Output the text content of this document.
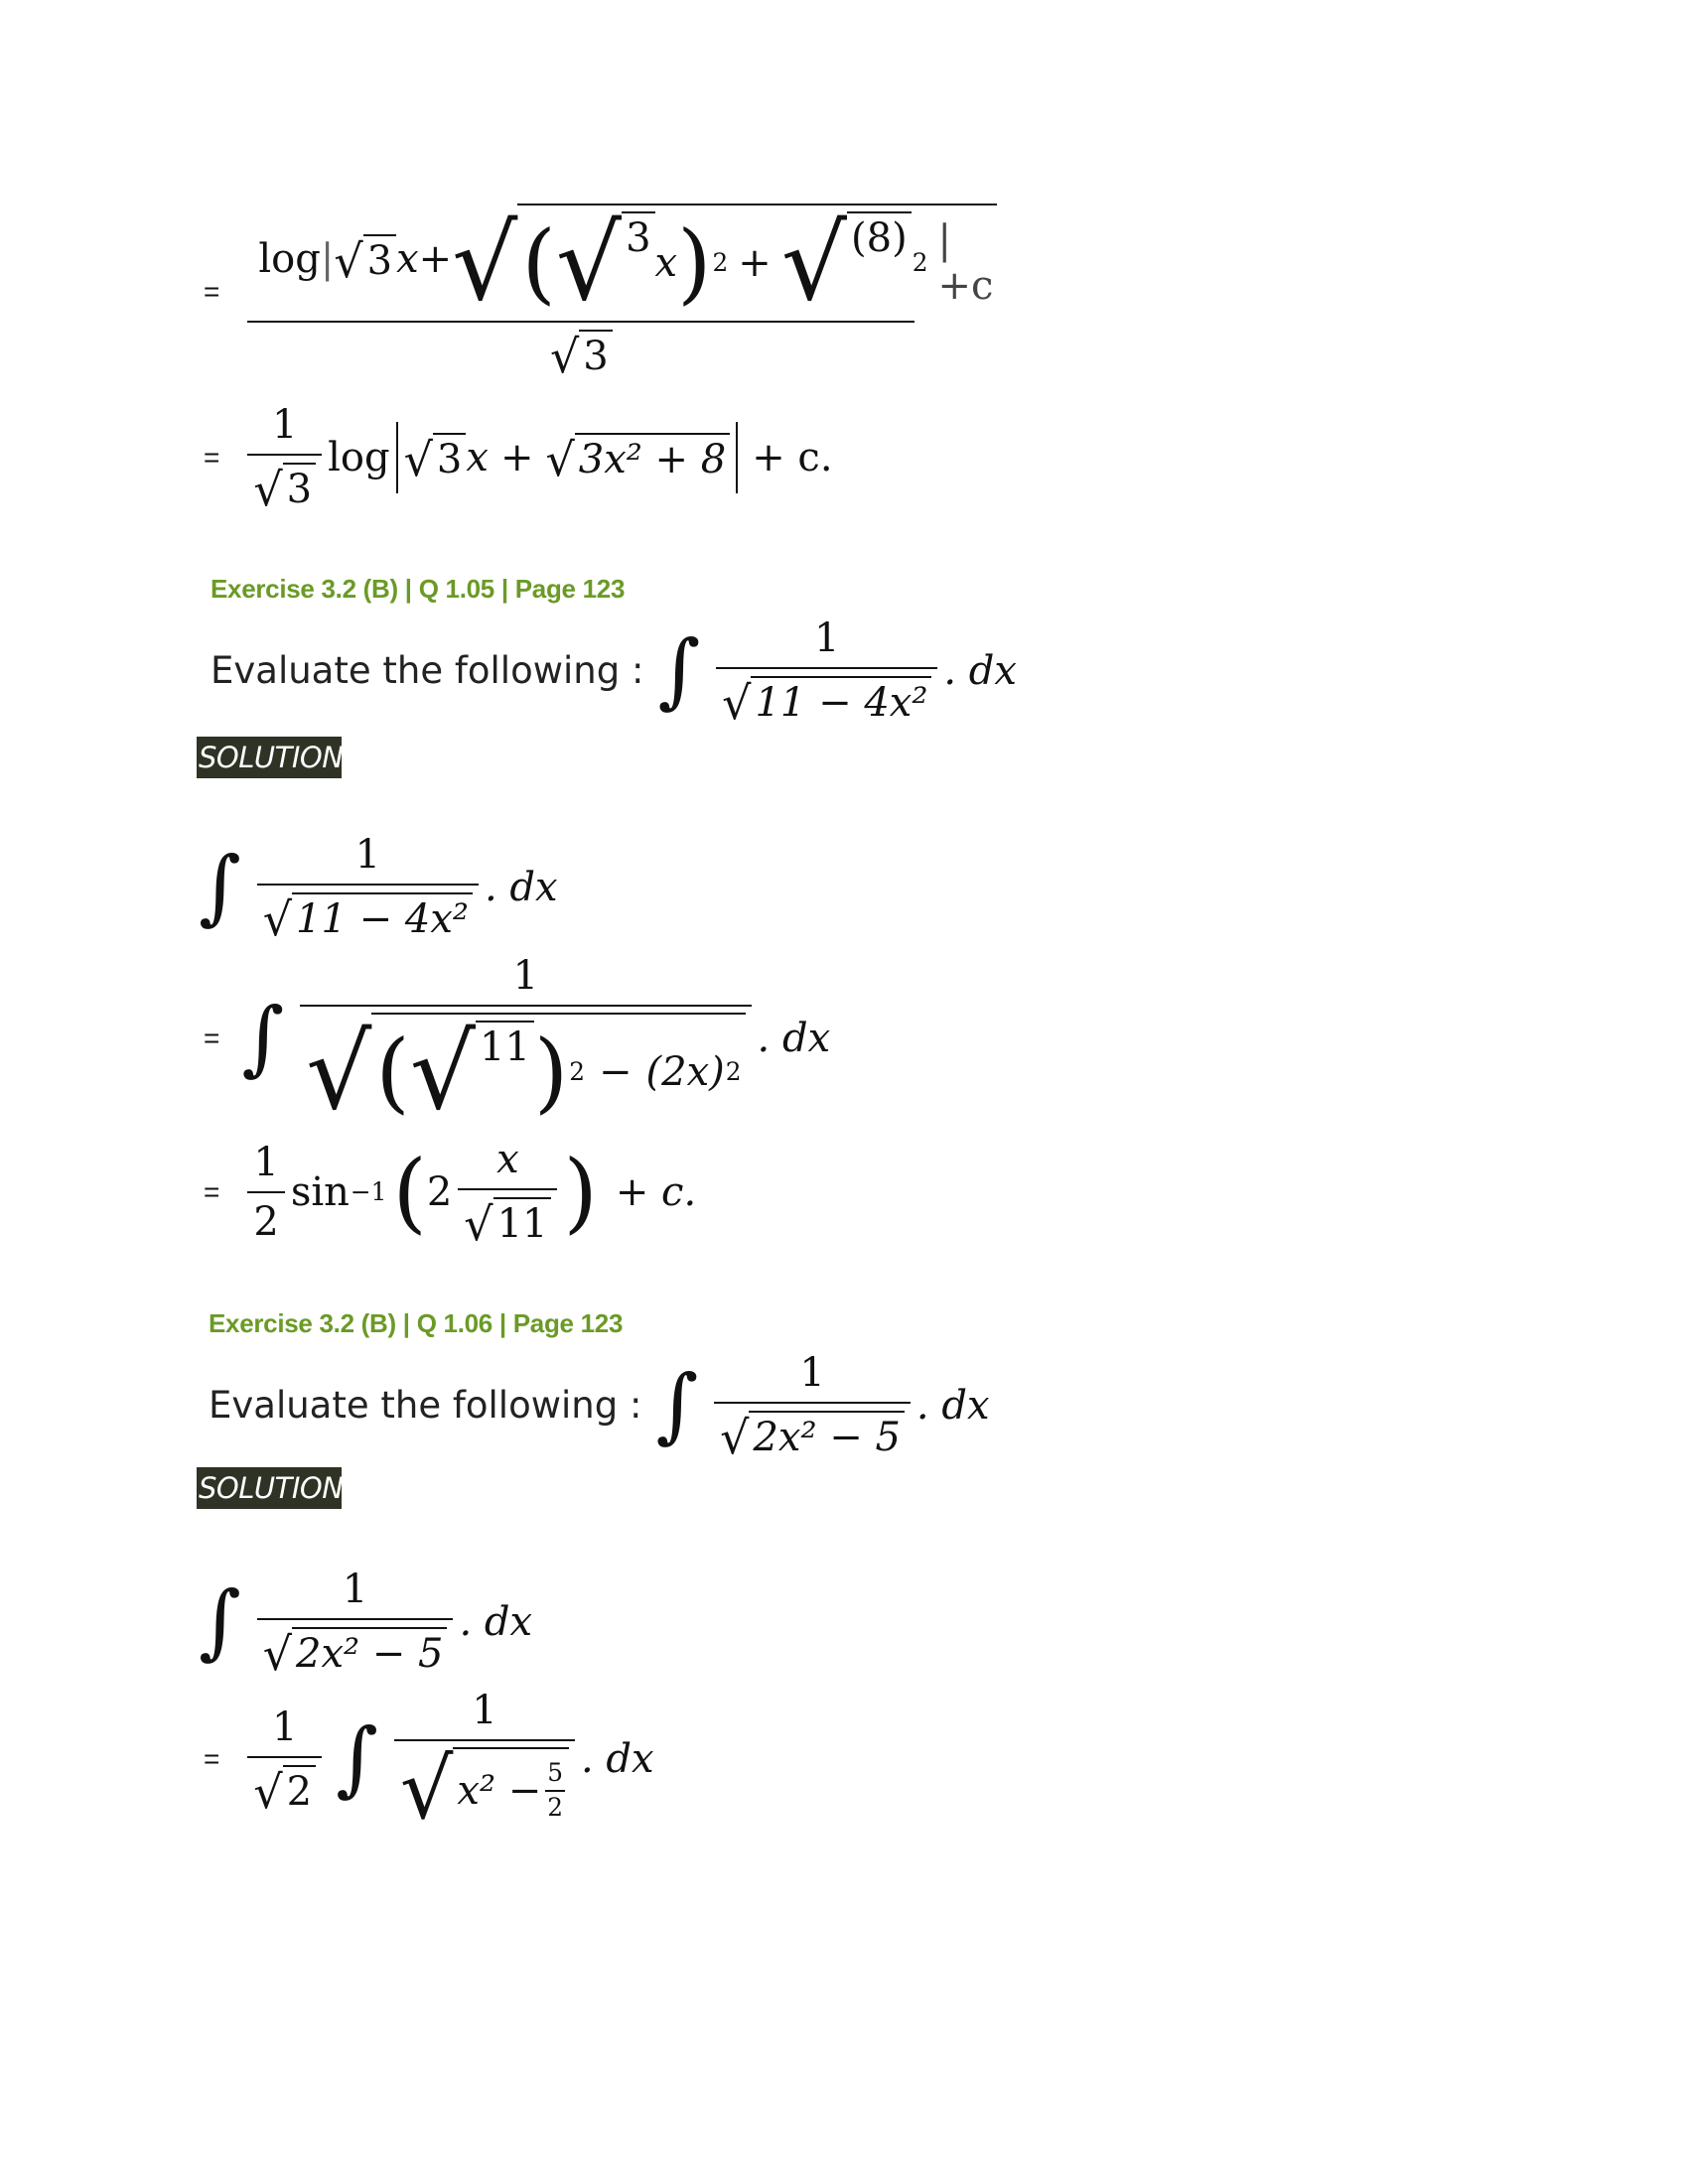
=
log | √ 3 x + √ ( √ 3
x ) 2 + √ (8)
2 | +c
√ 3
= $\frac{1}{√ 3}$ log √ 3 x + √ 3x² + 8 + c.
Exercise 3.2 (B) | Q 1.05 | Page 123
Evaluate the following : ∫ $\frac{1}{\text{√ 11 − 4x²}}$ . dx
SOLUTION
∫ $\frac{1}{\text{√ 11 − 4x²}}$ . dx
= ∫
1
√ ( √ 11 ) 2 − (2x) 2
. dx
= $\frac{1}{2}$ sin −1 ( $2 \frac{x}{√ 11}$ ) + c.
Exercise 3.2 (B) | Q 1.06 | Page 123
Evaluate the following : ∫ $\frac{1}{\text{√ 2x² − 5}}$ . dx
SOLUTION
∫ $\frac{1}{\text{√ 2x² − 5}}$ . dx
= $\frac{1}{√ 2}$ ∫
1
√ $x^2 - \frac{5}{2}$
. dx
